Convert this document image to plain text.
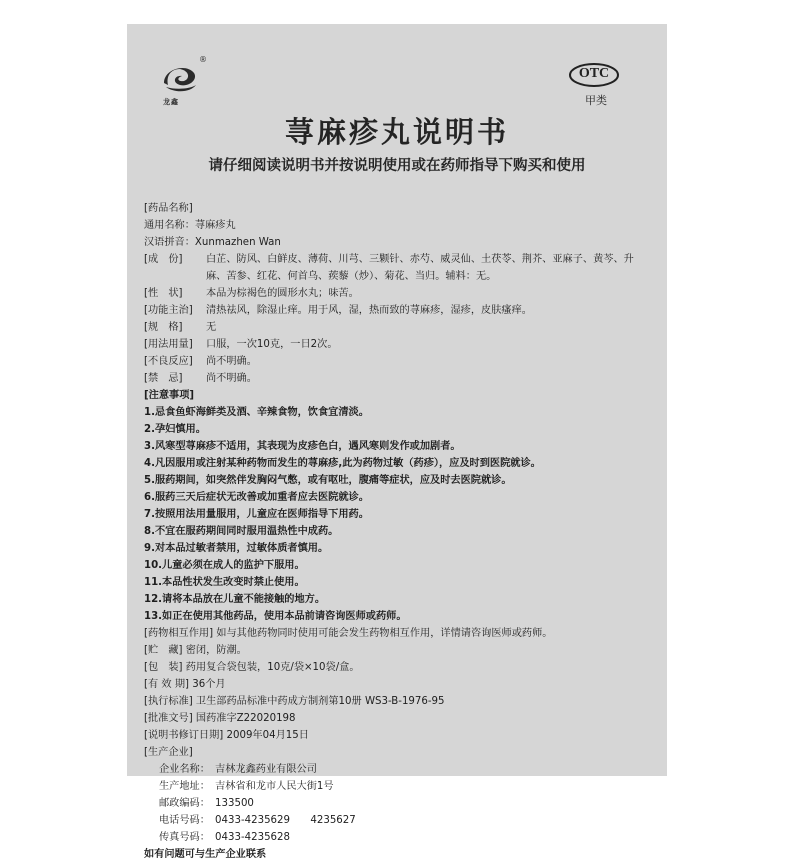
®
龙鑫
OTC
甲类
荨麻疹丸说明书
请仔细阅读说明书并按说明使用或在药师指导下购买和使用
[药品名称]
通用名称：荨麻疹丸
汉语拼音：Xunmazhen Wan
[成　份]	白芷、防风、白鲜皮、薄荷、川芎、三颗针、赤芍、威灵仙、土茯苓、荆芥、亚麻子、黄芩、升麻、苦参、红花、何首乌、蒺藜（炒）、菊花、当归。辅料：无。
[性　状]	本品为棕褐色的圆形水丸；味苦。
[功能主治]	清热祛风，除湿止痒。用于风，湿，热而致的荨麻疹，湿疹，皮肤瘙痒。
[规　格]	无
[用法用量]	口服，一次10克，一日2次。
[不良反应]	尚不明确。
[禁　忌]	尚不明确。
[注意事项]
1.忌食鱼虾海鲜类及酒、辛辣食物，饮食宜清淡。
2.孕妇慎用。
3.风寒型荨麻疹不适用，其表现为皮疹色白，遇风寒则发作或加剧者。
4.凡因服用或注射某种药物而发生的荨麻疹,此为药物过敏（药疹），应及时到医院就诊。
5.服药期间，如突然伴发胸闷气憋，或有呕吐，腹痛等症状，应及时去医院就诊。
6.服药三天后症状无改善或加重者应去医院就诊。
7.按照用法用量服用，儿童应在医师指导下用药。
8.不宜在服药期间同时服用温热性中成药。
9.对本品过敏者禁用，过敏体质者慎用。
10.儿童必须在成人的监护下服用。
11.本品性状发生改变时禁止使用。
12.请将本品放在儿童不能接触的地方。
13.如正在使用其他药品，使用本品前请咨询医师或药师。
[药物相互作用] 如与其他药物同时使用可能会发生药物相互作用，详情请咨询医师或药师。
[贮　藏] 密闭，防潮。
[包　装] 药用复合袋包装，10克/袋×10袋/盒。
[有 效 期] 36个月
[执行标准] 卫生部药品标准中药成方制剂第10册 WS3-B-1976-95
[批准文号] 国药准字Z22020198
[说明书修订日期] 2009年04月15日
[生产企业]
企业名称：　吉林龙鑫药业有限公司
生产地址：　吉林省和龙市人民大街1号
邮政编码：　133500
电话号码：　0433-4235629　　4235627
传真号码：　0433-4235628
如有问题可与生产企业联系
